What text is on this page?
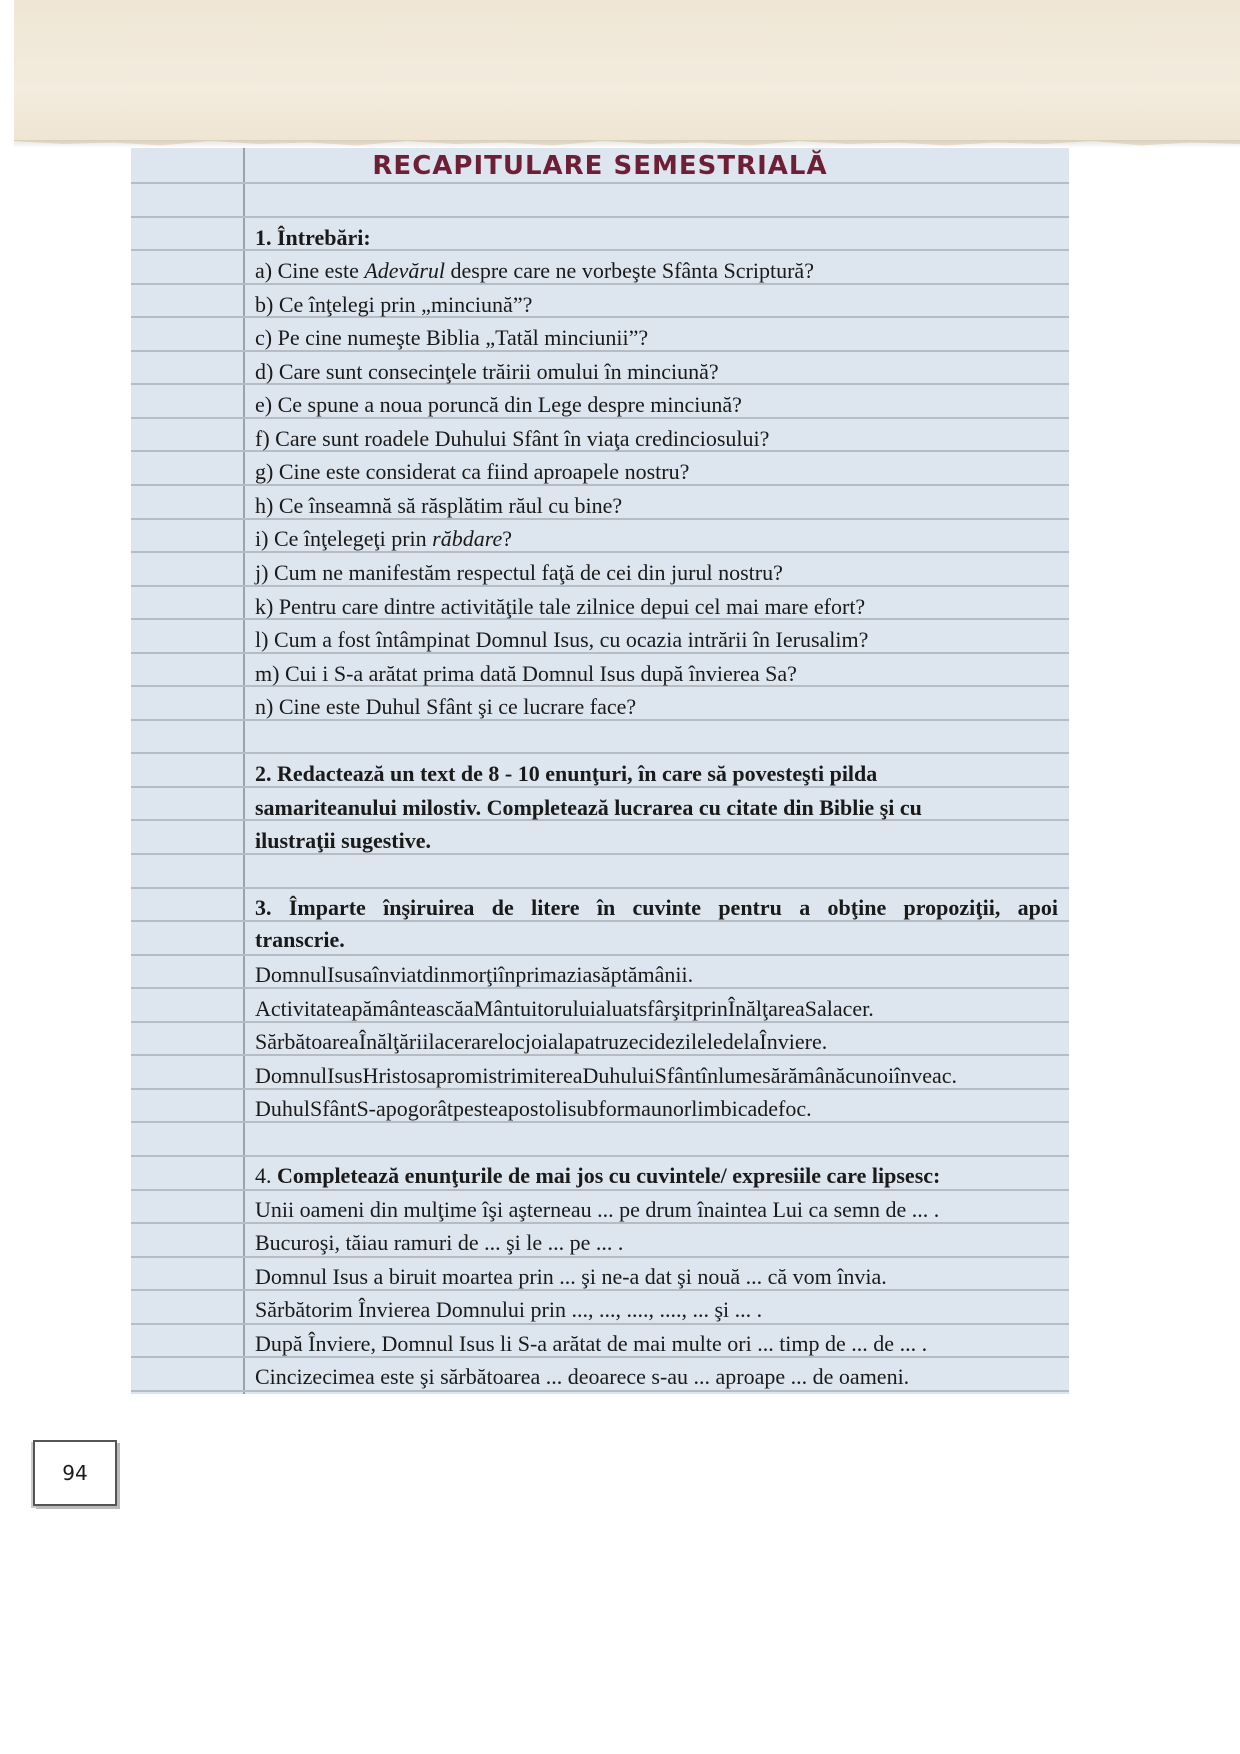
RECAPITULARE SEMESTRIALĂ
1. Întrebări:
a) Cine este Adevărul despre care ne vorbeşte Sfânta Scriptură?
b) Ce înţelegi prin „minciună”?
c) Pe cine numeşte Biblia „Tatăl minciunii”?
d) Care sunt consecinţele trăirii omului în minciună?
e) Ce spune a noua poruncă din Lege despre minciună?
f) Care sunt roadele Duhului Sfânt în viaţa credinciosului?
g) Cine este considerat ca fiind aproapele nostru?
h) Ce înseamnă să răsplătim răul cu bine?
i) Ce înţelegeţi prin răbdare?
j) Cum ne manifestăm respectul faţă de cei din jurul nostru?
k) Pentru care dintre activităţile tale zilnice depui cel mai mare efort?
l) Cum a fost întâmpinat Domnul Isus, cu ocazia intrării în Ierusalim?
m) Cui i S-a arătat prima dată Domnul Isus după învierea Sa?
n) Cine este Duhul Sfânt şi ce lucrare face?
2. Redactează un text de 8 - 10 enunţuri, în care să povesteşti pilda
samariteanului milostiv. Completează lucrarea cu citate din Biblie şi cu
ilustraţii sugestive.
3. Împarte înşiruirea de litere în cuvinte pentru a obţine propoziţii, apoi
transcrie.
DomnulIsusaînviatdinmorţiînprimaziasăptămânii.
ActivitateapământeascăaMântuitoruluialuatsfârşitprinÎnălţareaSalacer.
SărbătoareaÎnălţăriilacerarelocjoialapatruzecidezileledelaÎnviere.
DomnulIsusHristosapromistrimitereaDuhuluiSfântînlumesărămânăcunoiînveac.
DuhulSfântS-apogorâtpesteapostolisubformaunorlimbicadefoc.
4. Completează enunţurile de mai jos cu cuvintele/ expresiile care lipsesc:
Unii oameni din mulţime îşi aşterneau ... pe drum înaintea Lui ca semn de ... .
Bucuroşi, tăiau ramuri de ... şi le ... pe ... .
Domnul Isus a biruit moartea prin ... şi ne-a dat şi nouă ... că vom învia.
Sărbătorim Învierea Domnului prin ..., ..., ...., ...., ... şi ... .
După Înviere, Domnul Isus li S-a arătat de mai multe ori ... timp de ... de ... .
Cincizecimea este şi sărbătoarea ... deoarece s-au ... aproape ... de oameni.
94
